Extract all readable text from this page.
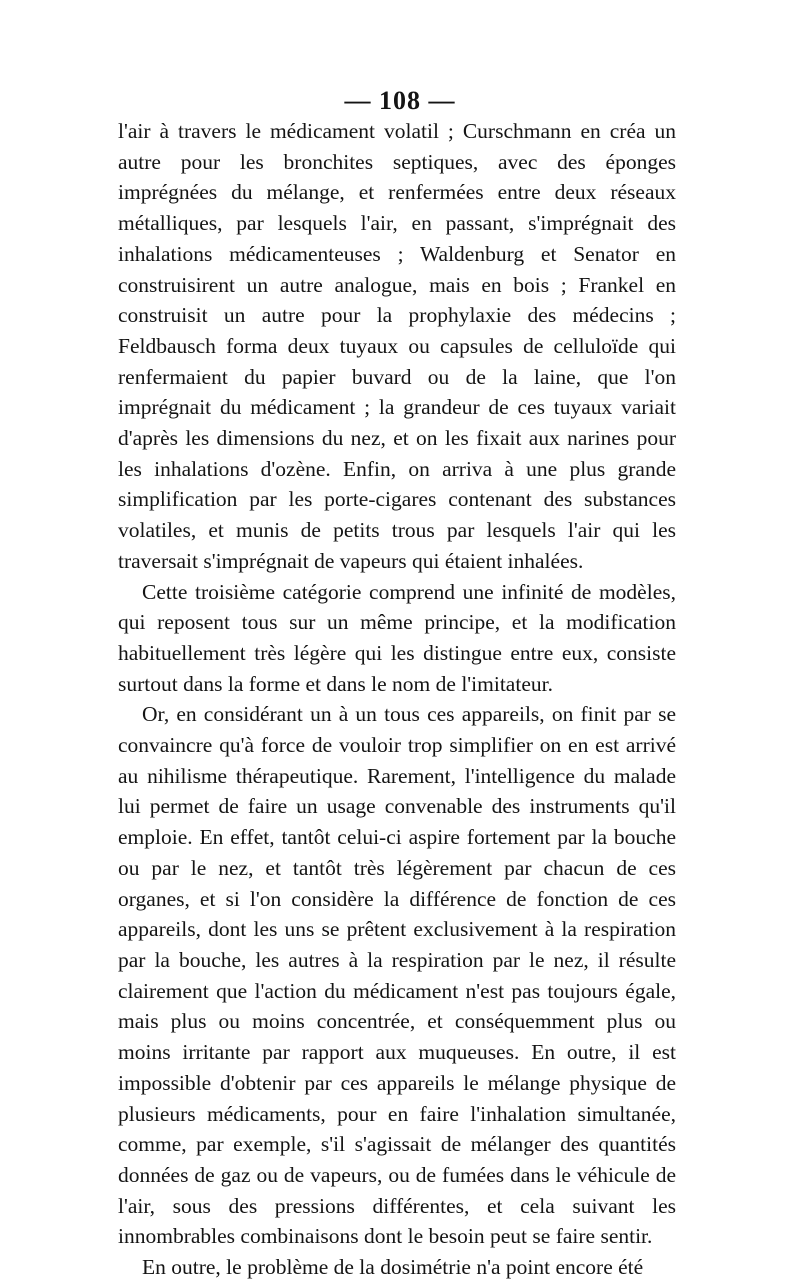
— 108 —

l'air à travers le médicament volatil ; Curschmann en créa un autre pour les bronchites septiques, avec des éponges imprégnées du mélange, et renfermées entre deux réseaux métalliques, par lesquels l'air, en passant, s'imprégnait des inhalations médicamenteuses ; Waldenburg et Senator en construisirent un autre analogue, mais en bois ; Frankel en construisit un autre pour la prophylaxie des médecins ; Feldbausch forma deux tuyaux ou capsules de celluloïde qui renfermaient du papier buvard ou de la laine, que l'on imprégnait du médicament ; la grandeur de ces tuyaux variait d'après les dimensions du nez, et on les fixait aux narines pour les inhalations d'ozène. Enfin, on arriva à une plus grande simplification par les porte-cigares contenant des substances volatiles, et munis de petits trous par lesquels l'air qui les traversait s'imprégnait de vapeurs qui étaient inhalées.

Cette troisième catégorie comprend une infinité de modèles, qui reposent tous sur un même principe, et la modification habituellement très légère qui les distingue entre eux, consiste surtout dans la forme et dans le nom de l'imitateur.

Or, en considérant un à un tous ces appareils, on finit par se convaincre qu'à force de vouloir trop simplifier on en est arrivé au nihilisme thérapeutique. Rarement, l'intelligence du malade lui permet de faire un usage convenable des instruments qu'il emploie. En effet, tantôt celui-ci aspire fortement par la bouche ou par le nez, et tantôt très légèrement par chacun de ces organes, et si l'on considère la différence de fonction de ces appareils, dont les uns se prêtent exclusivement à la respiration par la bouche, les autres à la respiration par le nez, il résulte clairement que l'action du médicament n'est pas toujours égale, mais plus ou moins concentrée, et conséquemment plus ou moins irritante par rapport aux muqueuses. En outre, il est impossible d'obtenir par ces appareils le mélange physique de plusieurs médicaments, pour en faire l'inhalation simultanée, comme, par exemple, s'il s'agissait de mélanger des quantités données de gaz ou de vapeurs, ou de fumées dans le véhicule de l'air, sous des pressions différentes, et cela suivant les innombrables combinaisons dont le besoin peut se faire sentir.

En outre, le problème de la dosimétrie n'a point encore été
